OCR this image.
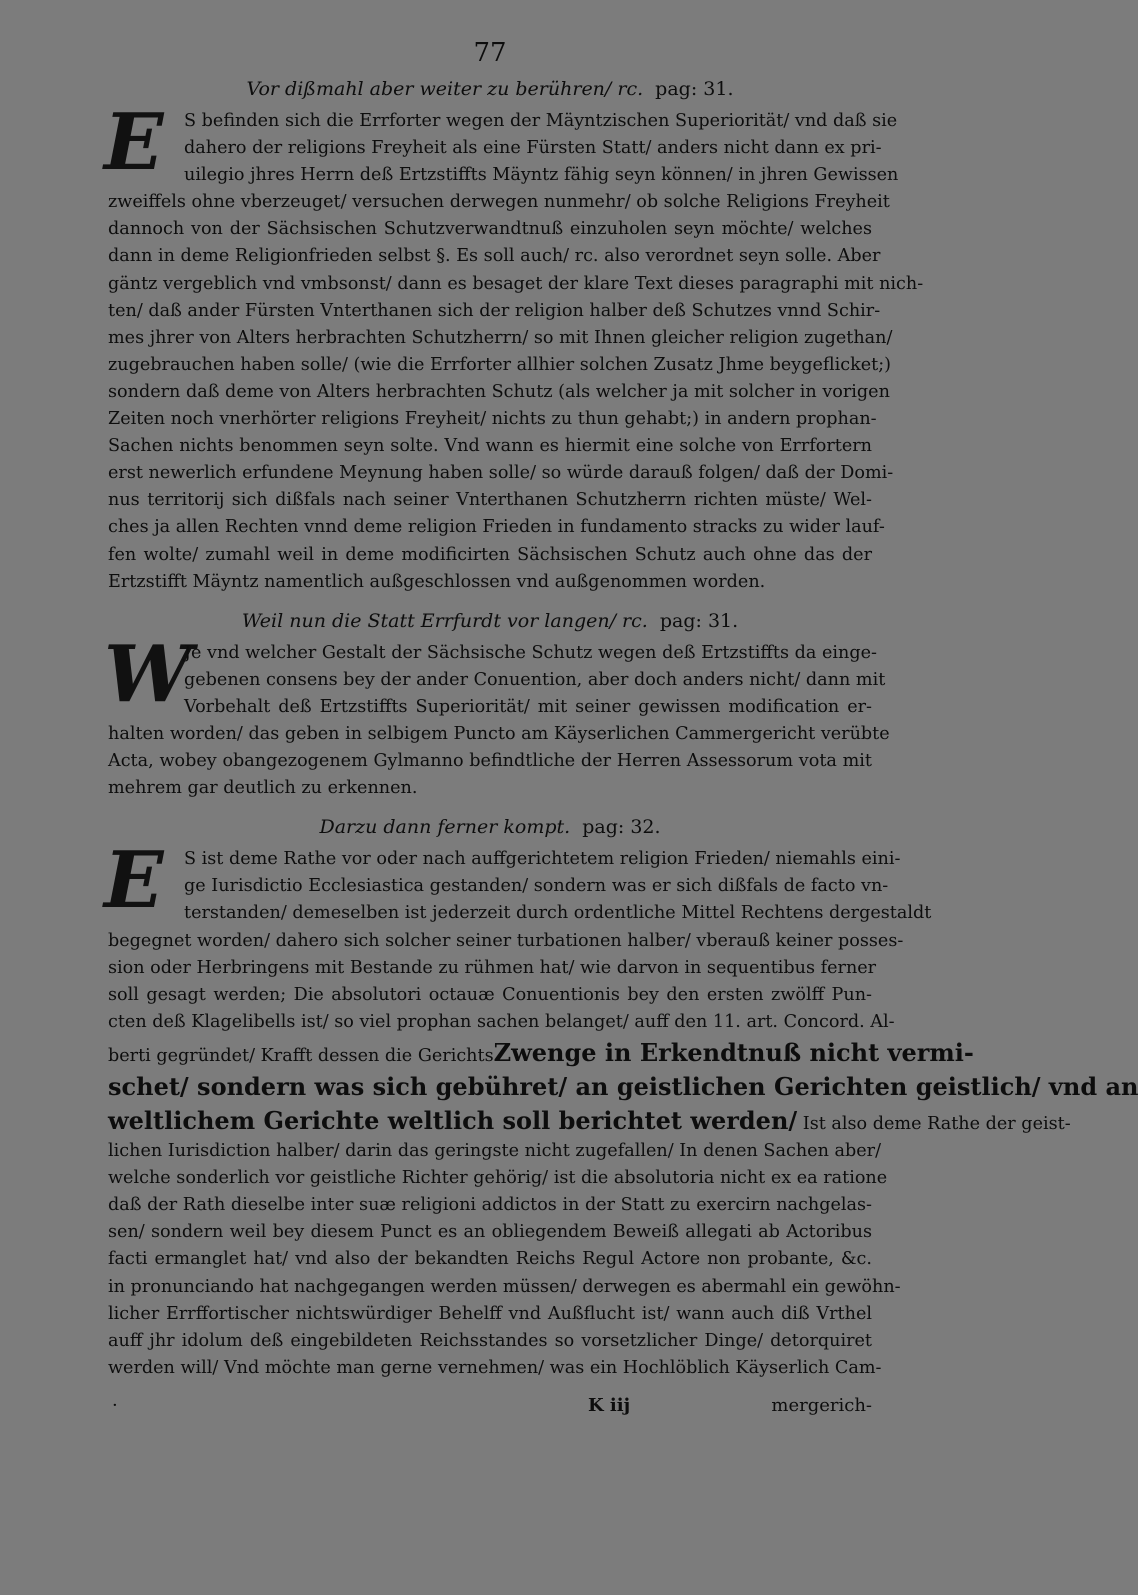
77
Vor dißmahl aber weiter zu berühren/ rc. pag: 31.
E	S befinden sich die Errforter wegen der Mäyntzischen Superiorität/ vnd daß sie
dahero der religions Freyheit als eine Fürsten Statt/ anders nicht dann ex pri-
uilegio jhres Herrn deß Ertzstiffts Mäyntz fähig seyn können/ in jhren Gewissen
zweiffels ohne vberzeuget/ versuchen derwegen nunmehr/ ob solche Religions Freyheit
dannoch von der Sächsischen Schutzverwandtnuß einzuholen seyn möchte/ welches
dann in deme Religionfrieden selbst §. Es soll auch/ rc. also verordnet seyn solle. Aber
gäntz vergeblich vnd vmbsonst/ dann es besaget der klare Text dieses paragraphi mit nich-
ten/ daß ander Fürsten Vnterthanen sich der religion halber deß Schutzes vnnd Schir-
mes jhrer von Alters herbrachten Schutzherrn/ so mit Ihnen gleicher religion zugethan/
zugebrauchen haben solle/ (wie die Errforter allhier solchen Zusatz Jhme beygeflicket;)
sondern daß deme von Alters herbrachten Schutz (als welcher ja mit solcher in vorigen
Zeiten noch vnerhörter religions Freyheit/ nichts zu thun gehabt;) in andern prophan-
Sachen nichts benommen seyn solte. Vnd wann es hiermit eine solche von Errfortern
erst newerlich erfundene Meynung haben solle/ so würde darauß folgen/ daß der Domi-
nus territorij sich dißfals nach seiner Vnterthanen Schutzherrn richten müste/ Wel-
ches ja allen Rechten vnnd deme religion Frieden in fundamento stracks zu wider lauf-
fen wolte/ zumahl weil in deme modificirten Sächsischen Schutz auch ohne das der
Ertzstifft Mäyntz namentlich außgeschlossen vnd außgenommen worden.
Weil nun die Statt Errfurdt vor langen/ rc. pag: 31.
W
Je vnd welcher Gestalt der Sächsische Schutz wegen deß Ertzstiffts da einge-
gebenen consens bey der ander Conuention, aber doch anders nicht/ dann mit
Vorbehalt deß Ertzstiffts Superiorität/ mit seiner gewissen modification er-
halten worden/ das geben in selbigem Puncto am Käyserlichen Cammergericht verübte
Acta, wobey obangezogenem Gylmanno befindtliche der Herren Assessorum vota mit
mehrem gar deutlich zu erkennen.
Darzu dann ferner kompt. pag: 32.
E	S ist deme Rathe vor oder nach auffgerichtetem religion Frieden/ niemahls eini-
ge Iurisdictio Ecclesiastica gestanden/ sondern was er sich dißfals de facto vn-
terstanden/ demeselben ist jederzeit durch ordentliche Mittel Rechtens dergestaldt
begegnet worden/ dahero sich solcher seiner turbationen halber/ vberauß keiner posses-
sion oder Herbringens mit Bestande zu rühmen hat/ wie darvon in sequentibus ferner
soll gesagt werden; Die absolutori octauæ Conuentionis bey den ersten zwölff Pun-
cten deß Klagelibells ist/ so viel prophan sachen belanget/ auff den 11. art. Concord. Al-
berti gegründet/ Krafft dessen die GerichtsZwenge in Erkendtnuß nicht vermi-
schet/ sondern was sich gebühret/ an geistlichen Gerichten geistlich/ vnd an
weltlichem Gerichte weltlich soll berichtet werden/ Ist also deme Rathe der geist-
lichen Iurisdiction halber/ darin das geringste nicht zugefallen/ In denen Sachen aber/
welche sonderlich vor geistliche Richter gehörig/ ist die absolutoria nicht ex ea ratione
daß der Rath dieselbe inter suæ religioni addictos in der Statt zu exercirn nachgelas-
sen/ sondern weil bey diesem Punct es an obliegendem Beweiß allegati ab Actoribus
facti ermanglet hat/ vnd also der bekandten Reichs Regul Actore non probante, &c.
in pronunciando hat nachgegangen werden müssen/ derwegen es abermahl ein gewöhn-
licher Errffortischer nichtswürdiger Behelff vnd Außflucht ist/ wann auch diß Vrthel
auff jhr idolum deß eingebildeten Reichsstandes so vorsetzlicher Dinge/ detorquiret
werden will/ Vnd möchte man gerne vernehmen/ was ein Hochlöblich Käyserlich Cam-
·	K iij	mergerich-
